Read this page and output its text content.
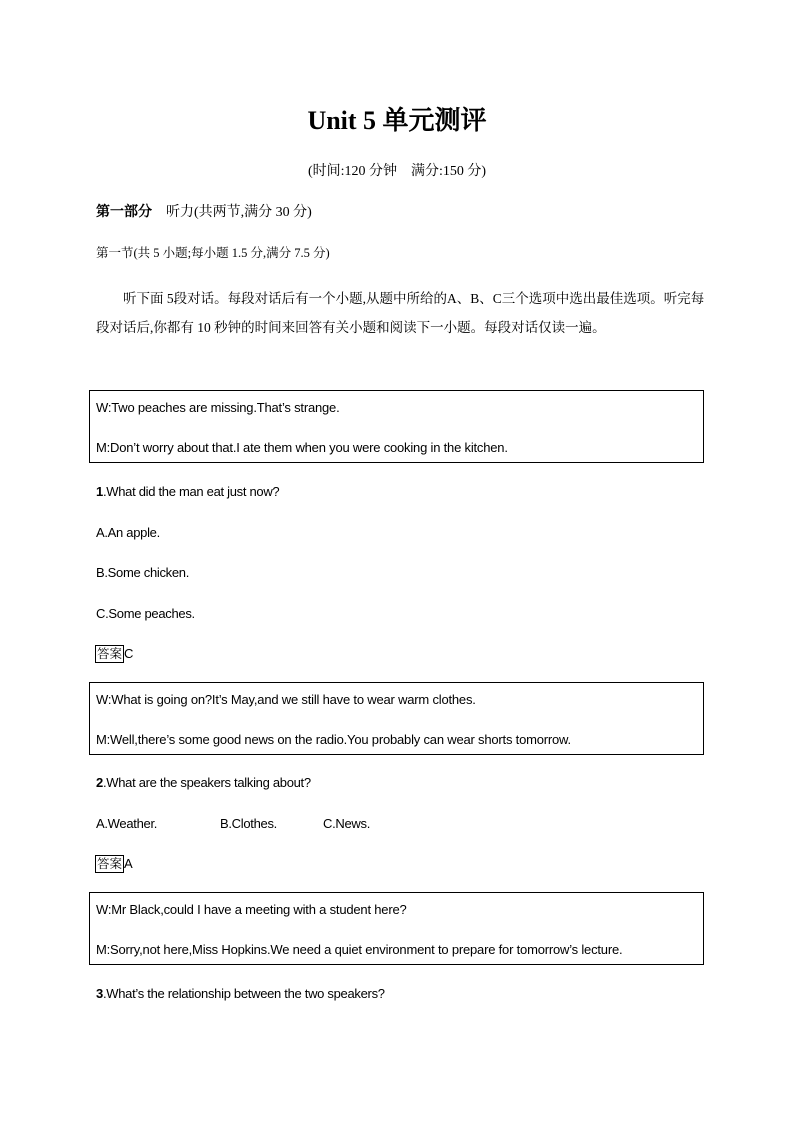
Unit 5 单元测评
(时间:120 分钟　满分:150 分)
第一部分　 听力(共两节,满分 30 分)
第一节(共 5 小题;每小题 1.5 分,满分 7.5 分)
听下面 5段对话。每段对话后有一个小题,从题中所给的A、B、C三个选项中选出最佳选项。听完每段对话后,你都有 10 秒钟的时间来回答有关小题和阅读下一小题。每段对话仅读一遍。
W:Two peaches are missing.That’s strange.
M:Don’t worry about that.I ate them when you were cooking in the kitchen.
1.What did the man eat just now?
A.An apple.
B.Some chicken.
C.Some peaches.
答案 C
W:What is going on?It’s May,and we still have to wear warm clothes.
M:Well,there’s some good news on the radio.You probably can wear shorts tomorrow.
2.What are the speakers talking about?
A.Weather.	B.Clothes.	C.News.
答案 A
W:Mr Black,could I have a meeting with a student here?
M:Sorry,not here,Miss Hopkins.We need a quiet environment to prepare for tomorrow’s lecture.
3.What’s the relationship between the two speakers?
